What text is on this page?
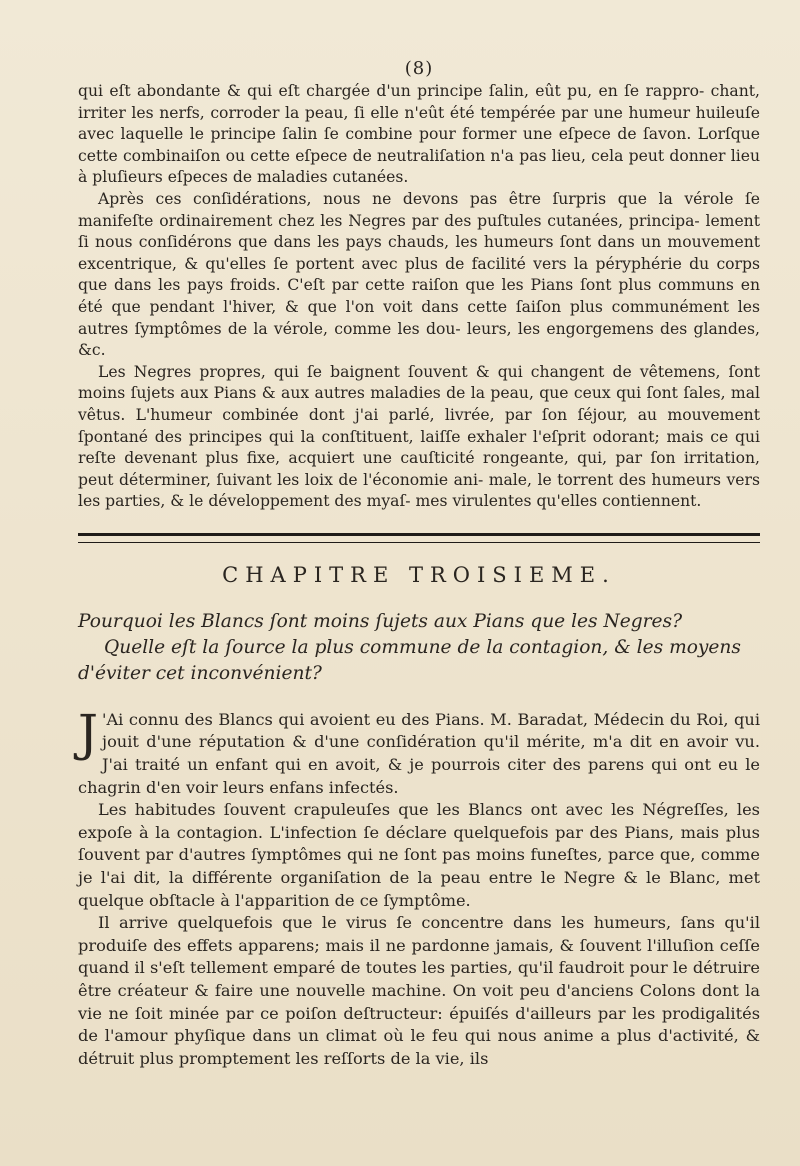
(8)

qui eſt abondante & qui eſt chargée d'un principe ſalin, eût pu, en ſe rappro- chant, irriter les nerfs, corroder la peau, ſi elle n'eût été tempérée par une humeur huileuſe avec laquelle le principe ſalin ſe combine pour former une eſpece de ſavon. Lorſque cette combinaiſon ou cette eſpece de neutraliſation n'a pas lieu, cela peut donner lieu à pluſieurs eſpeces de maladies cutanées.

Après ces conſidérations, nous ne devons pas être ſurpris que la vérole ſe manifeſte ordinairement chez les Negres par des puſtules cutanées, principa- lement ſi nous conſidérons que dans les pays chauds, les humeurs ſont dans un mouvement excentrique, & qu'elles ſe portent avec plus de facilité vers la péryphérie du corps que dans les pays froids. C'eſt par cette raiſon que les Pians ſont plus communs en été que pendant l'hiver, & que l'on voit dans cette ſaiſon plus communément les autres ſymptômes de la vérole, comme les dou- leurs, les engorgemens des glandes, &c.

Les Negres propres, qui ſe baignent ſouvent & qui changent de vêtemens, ſont moins ſujets aux Pians & aux autres maladies de la peau, que ceux qui ſont ſales, mal vêtus. L'humeur combinée dont j'ai parlé, livrée, par ſon ſéjour, au mouvement ſpontané des principes qui la conſtituent, laiſſe exhaler l'eſprit odorant; mais ce qui reſte devenant plus fixe, acquiert une cauſticité rongeante, qui, par ſon irritation, peut déterminer, ſuivant les loix de l'économie ani- male, le torrent des humeurs vers les parties, & le développement des myaſ- mes virulentes qu'elles contiennent.

CHAPITRE TROISIEME.
Pourquoi les Blancs ſont moins ſujets aux Pians que les Negres?
Quelle eſt la ſource la plus commune de la contagion, & les moyens
d'éviter cet inconvénient?

J 'Ai connu des Blancs qui avoient eu des Pians. M. Baradat, Médecin du Roi, qui jouit d'une réputation & d'une conſidération qu'il mérite, m'a dit en avoir vu. J'ai traité un enfant qui en avoit, & je pourrois citer des parens qui ont eu le chagrin d'en voir leurs enfans infectés.

Les habitudes ſouvent crapuleuſes que les Blancs ont avec les Négreſſes, les expoſe à la contagion. L'infection ſe déclare quelquefois par des Pians, mais plus ſouvent par d'autres ſymptômes qui ne ſont pas moins funeſtes, parce que, comme je l'ai dit, la différente organiſation de la peau entre le Negre & le Blanc, met quelque obſtacle à l'apparition de ce ſymptôme.

Il arrive quelquefois que le virus ſe concentre dans les humeurs, ſans qu'il produiſe des effets apparens; mais il ne pardonne jamais, & ſouvent l'illuſion ceſſe quand il s'eſt tellement emparé de toutes les parties, qu'il faudroit pour le détruire être créateur & faire une nouvelle machine. On voit peu d'anciens Colons dont la vie ne ſoit minée par ce poiſon deſtructeur: épuiſés d'ailleurs par les prodigalités de l'amour phyſique dans un climat où le feu qui nous anime a plus d'activité, & détruit plus promptement les reſſorts de la vie, ils
